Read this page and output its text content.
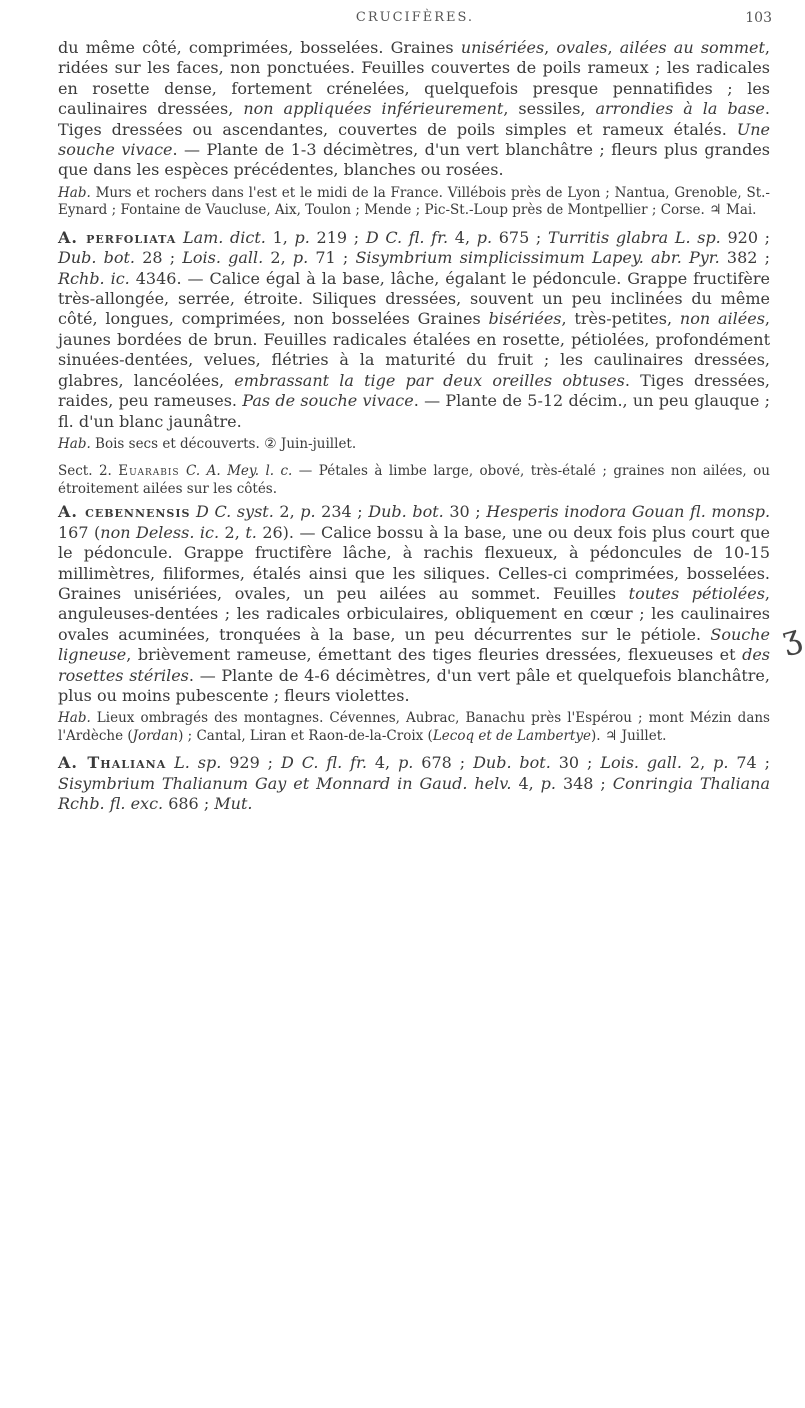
CRUCIFÈRES.	103
ʒ

du même côté, comprimées, bosselées. Graines unisériées, ovales, ailées au sommet, ridées sur les faces, non ponctuées. Feuilles couvertes de poils rameux ; les radicales en rosette dense, fortement crénelées, quelquefois presque pennatifides ; les caulinaires dressées, non appliquées inférieurement, sessiles, arrondies à la base. Tiges dressées ou ascendantes, couvertes de poils simples et rameux étalés. Une souche vivace. — Plante de 1-3 décimètres, d'un vert blanchâtre ; fleurs plus grandes que dans les espèces précédentes, blanches ou rosées.

Hab. Murs et rochers dans l'est et le midi de la France. Villébois près de Lyon ; Nantua, Grenoble, St.-Eynard ; Fontaine de Vaucluse, Aix, Toulon ; Mende ; Pic-St.-Loup près de Montpellier ; Corse. ♃ Mai.

A. perfoliata Lam. dict. 1, p. 219 ; D C. fl. fr. 4, p. 675 ; Turritis glabra L. sp. 920 ; Dub. bot. 28 ; Lois. gall. 2, p. 71 ; Sisymbrium simplicissimum Lapey. abr. Pyr. 382 ; Rchb. ic. 4346. — Calice égal à la base, lâche, égalant le pédoncule. Grappe fructifère très-allongée, serrée, étroite. Siliques dressées, souvent un peu inclinées du même côté, longues, comprimées, non bosselées Graines bisériées, très-petites, non ailées, jaunes bordées de brun. Feuilles radicales étalées en rosette, pétiolées, profondément sinuées-dentées, velues, flétries à la maturité du fruit ; les caulinaires dressées, glabres, lancéolées, embrassant la tige par deux oreilles obtuses. Tiges dressées, raides, peu rameuses. Pas de souche vivace. — Plante de 5-12 décim., un peu glauque ; fl. d'un blanc jaunâtre.

Hab. Bois secs et découverts. ② Juin-juillet.

Sect. 2. Euarabis C. A. Mey. l. c. — Pétales à limbe large, obové, très-étalé ; graines non ailées, ou étroitement ailées sur les côtés.

A. cebennensis D C. syst. 2, p. 234 ; Dub. bot. 30 ; Hesperis inodora Gouan fl. monsp. 167 (non Deless. ic. 2, t. 26). — Calice bossu à la base, une ou deux fois plus court que le pédoncule. Grappe fructifère lâche, à rachis flexueux, à pédoncules de 10-15 millimètres, filiformes, étalés ainsi que les siliques. Celles-ci comprimées, bosselées. Graines unisériées, ovales, un peu ailées au sommet. Feuilles toutes pétiolées, anguleuses-dentées ; les radicales orbiculaires, obliquement en cœur ; les caulinaires ovales acuminées, tronquées à la base, un peu décurrentes sur le pétiole. Souche ligneuse, brièvement rameuse, émettant des tiges fleuries dressées, flexueuses et des rosettes stériles. — Plante de 4-6 décimètres, d'un vert pâle et quelquefois blanchâtre, plus ou moins pubescente ; fleurs violettes.

Hab. Lieux ombragés des montagnes. Cévennes, Aubrac, Banachu près l'Espérou ; mont Mézin dans l'Ardèche (Jordan) ; Cantal, Liran et Raon-de-la-Croix (Lecoq et de Lambertye). ♃ Juillet.

A. Thaliana L. sp. 929 ; D C. fl. fr. 4, p. 678 ; Dub. bot. 30 ; Lois. gall. 2, p. 74 ; Sisymbrium Thalianum Gay et Monnard in Gaud. helv. 4, p. 348 ; Conringia Thaliana Rchb. fl. exc. 686 ; Mut.
